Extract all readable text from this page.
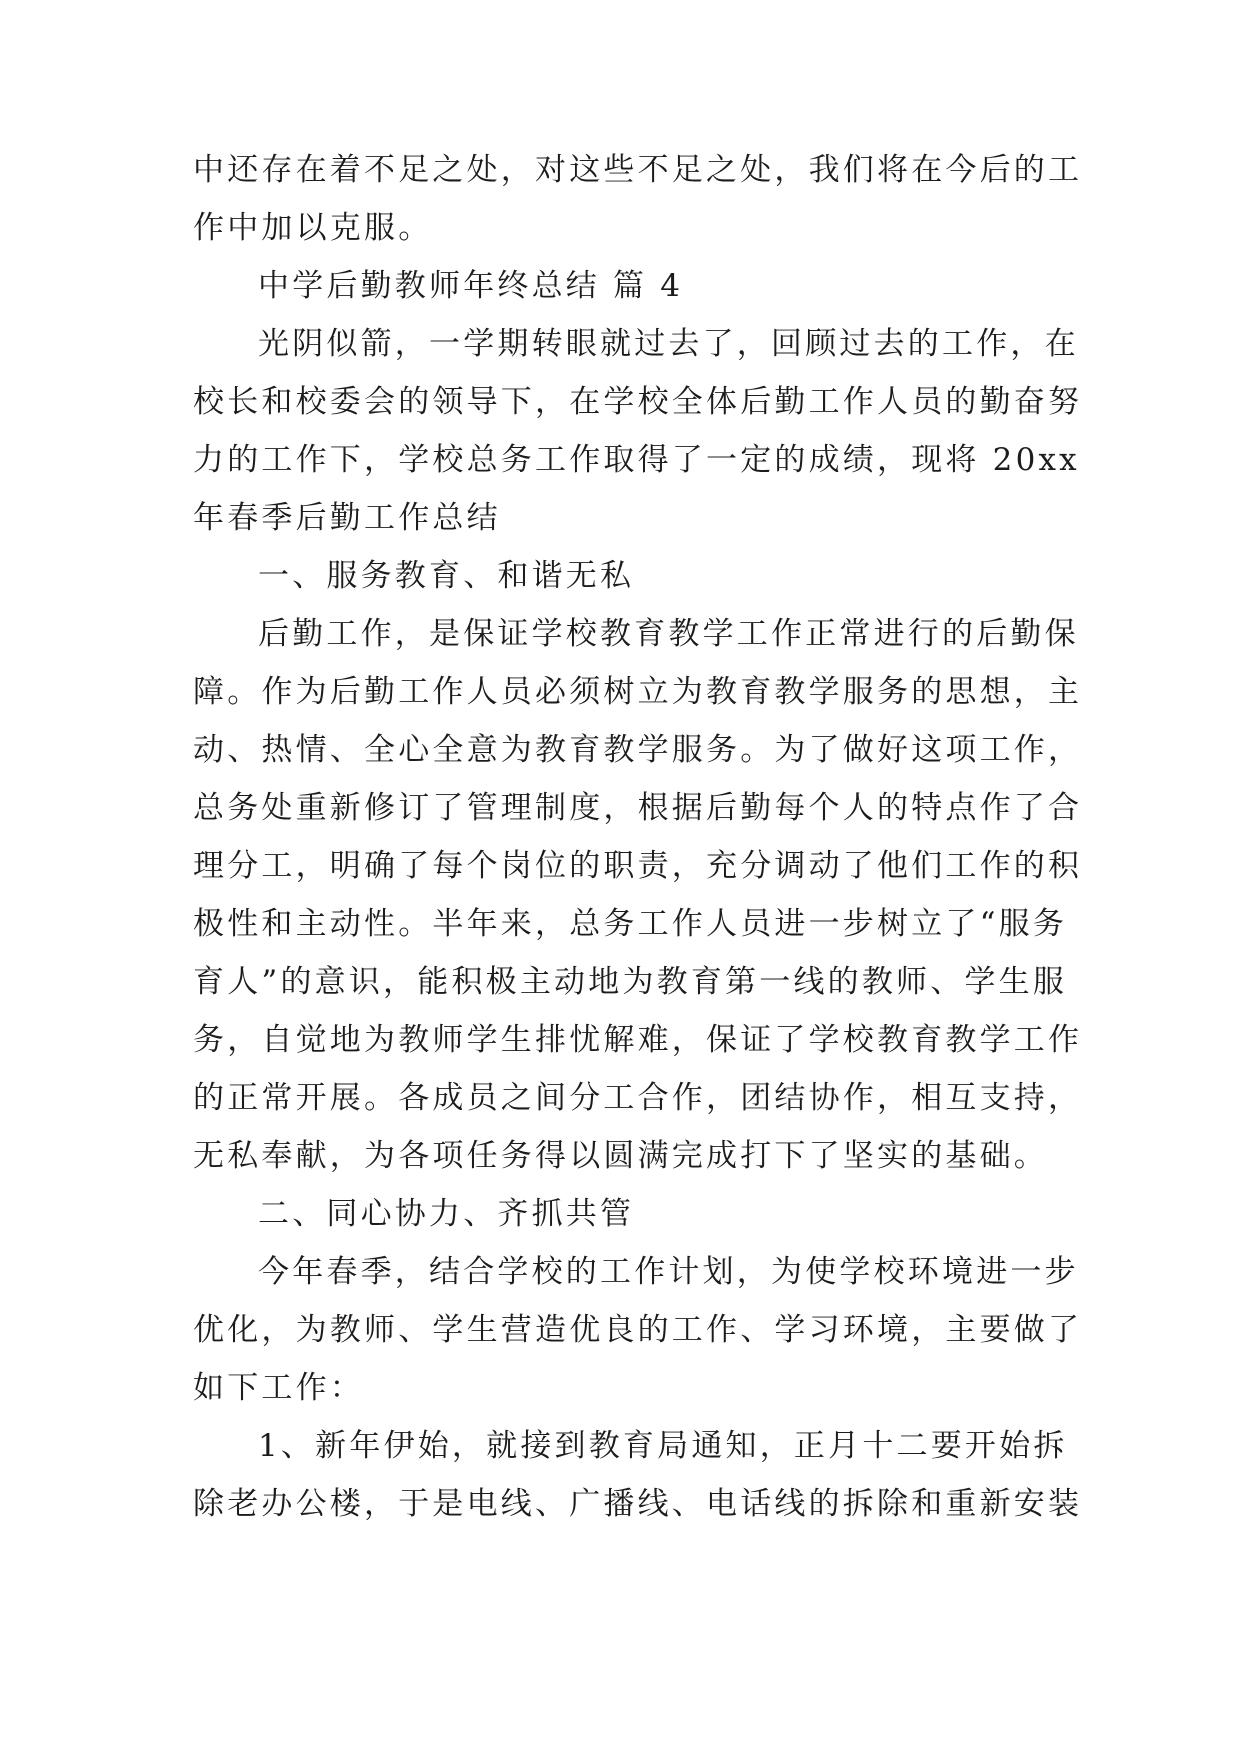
中还存在着不足之处，对这些不足之处，我们将在今后的工
作中加以克服。
中学后勤教师年终总结 篇 4
光阴似箭，一学期转眼就过去了，回顾过去的工作，在
校长和校委会的领导下，在学校全体后勤工作人员的勤奋努
力的工作下，学校总务工作取得了一定的成绩，现将 20xx
年春季后勤工作总结
一、服务教育、和谐无私
后勤工作，是保证学校教育教学工作正常进行的后勤保
障。作为后勤工作人员必须树立为教育教学服务的思想，主
动、热情、全心全意为教育教学服务。为了做好这项工作，
总务处重新修订了管理制度，根据后勤每个人的特点作了合
理分工，明确了每个岗位的职责，充分调动了他们工作的积
极性和主动性。半年来，总务工作人员进一步树立了“服务
育人”的意识，能积极主动地为教育第一线的教师、学生服
务，自觉地为教师学生排忧解难，保证了学校教育教学工作
的正常开展。各成员之间分工合作，团结协作，相互支持，
无私奉献，为各项任务得以圆满完成打下了坚实的基础。
二、同心协力、齐抓共管
今年春季，结合学校的工作计划，为使学校环境进一步
优化，为教师、学生营造优良的工作、学习环境，主要做了
如下工作：
1、新年伊始，就接到教育局通知，正月十二要开始拆
除老办公楼，于是电线、广播线、电话线的拆除和重新安装
